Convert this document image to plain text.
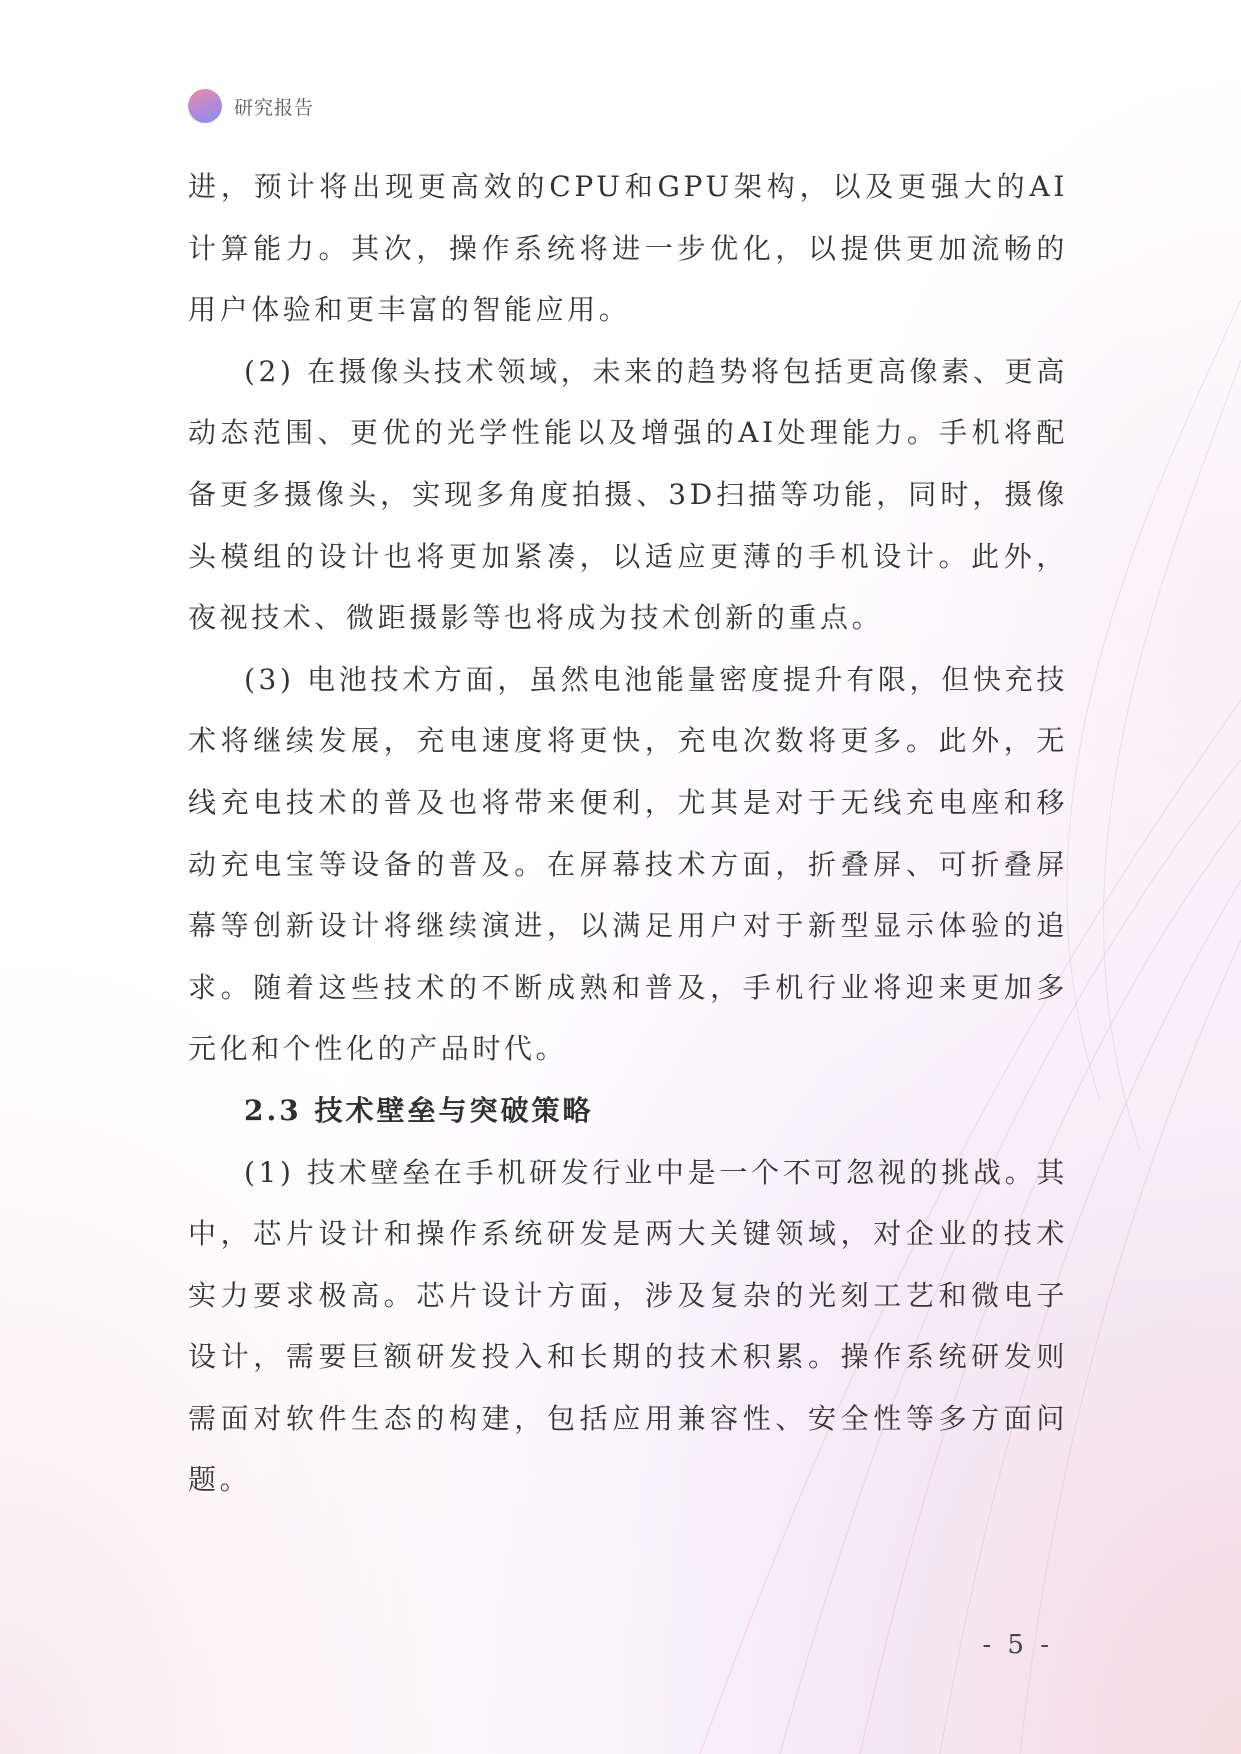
研究报告

进，预计将出现更高效的CPU和GPU架构，以及更强大的AI计算能力。其次，操作系统将进一步优化，以提供更加流畅的用户体验和更丰富的智能应用。

(2) 在摄像头技术领域，未来的趋势将包括更高像素、更高动态范围、更优的光学性能以及增强的AI处理能力。手机将配备更多摄像头，实现多角度拍摄、3D扫描等功能，同时，摄像头模组的设计也将更加紧凑，以适应更薄的手机设计。此外，夜视技术、微距摄影等也将成为技术创新的重点。

(3) 电池技术方面，虽然电池能量密度提升有限，但快充技术将继续发展，充电速度将更快，充电次数将更多。此外，无线充电技术的普及也将带来便利，尤其是对于无线充电座和移动充电宝等设备的普及。在屏幕技术方面，折叠屏、可折叠屏幕等创新设计将继续演进，以满足用户对于新型显示体验的追求。随着这些技术的不断成熟和普及，手机行业将迎来更加多元化和个性化的产品时代。

2.3 技术壁垒与突破策略

(1) 技术壁垒在手机研发行业中是一个不可忽视的挑战。其中，芯片设计和操作系统研发是两大关键领域，对企业的技术实力要求极高。芯片设计方面，涉及复杂的光刻工艺和微电子设计，需要巨额研发投入和长期的技术积累。操作系统研发则需面对软件生态的构建，包括应用兼容性、安全性等多方面问题。

- 5 -
